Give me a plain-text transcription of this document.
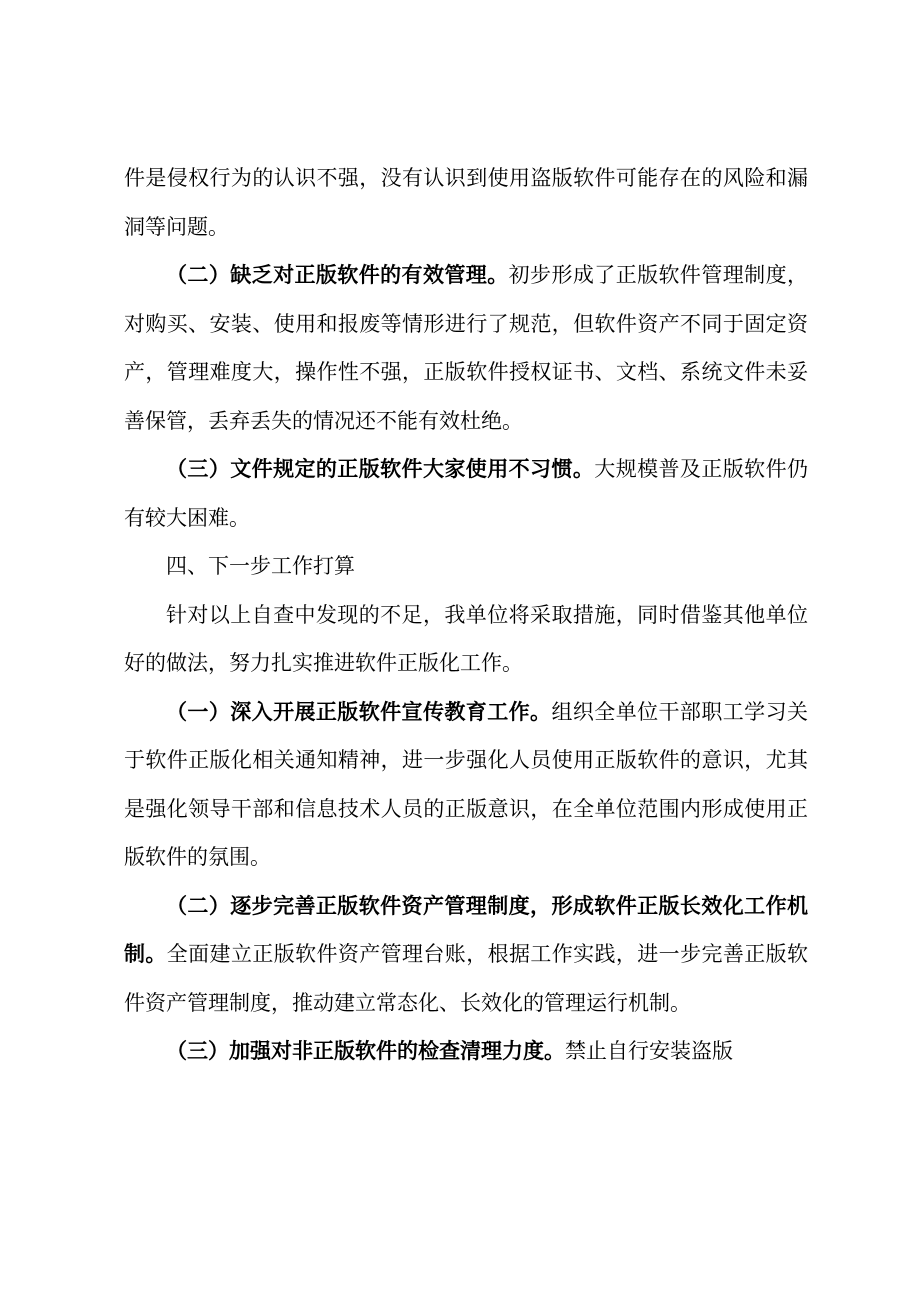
件是侵权行为的认识不强，没有认识到使用盗版软件可能存在的风险和漏洞等问题。

（二）缺乏对正版软件的有效管理。初步形成了正版软件管理制度，对购买、安装、使用和报废等情形进行了规范，但软件资产不同于固定资产，管理难度大，操作性不强，正版软件授权证书、文档、系统文件未妥善保管，丢弃丢失的情况还不能有效杜绝。

（三）文件规定的正版软件大家使用不习惯。大规模普及正版软件仍有较大困难。

四、下一步工作打算

针对以上自查中发现的不足，我单位将采取措施，同时借鉴其他单位好的做法，努力扎实推进软件正版化工作。

（一）深入开展正版软件宣传教育工作。组织全单位干部职工学习关于软件正版化相关通知精神，进一步强化人员使用正版软件的意识，尤其是强化领导干部和信息技术人员的正版意识，在全单位范围内形成使用正版软件的氛围。

（二）逐步完善正版软件资产管理制度，形成软件正版长效化工作机制。全面建立正版软件资产管理台账，根据工作实践，进一步完善正版软件资产管理制度，推动建立常态化、长效化的管理运行机制。

（三）加强对非正版软件的检查清理力度。禁止自行安装盗版
